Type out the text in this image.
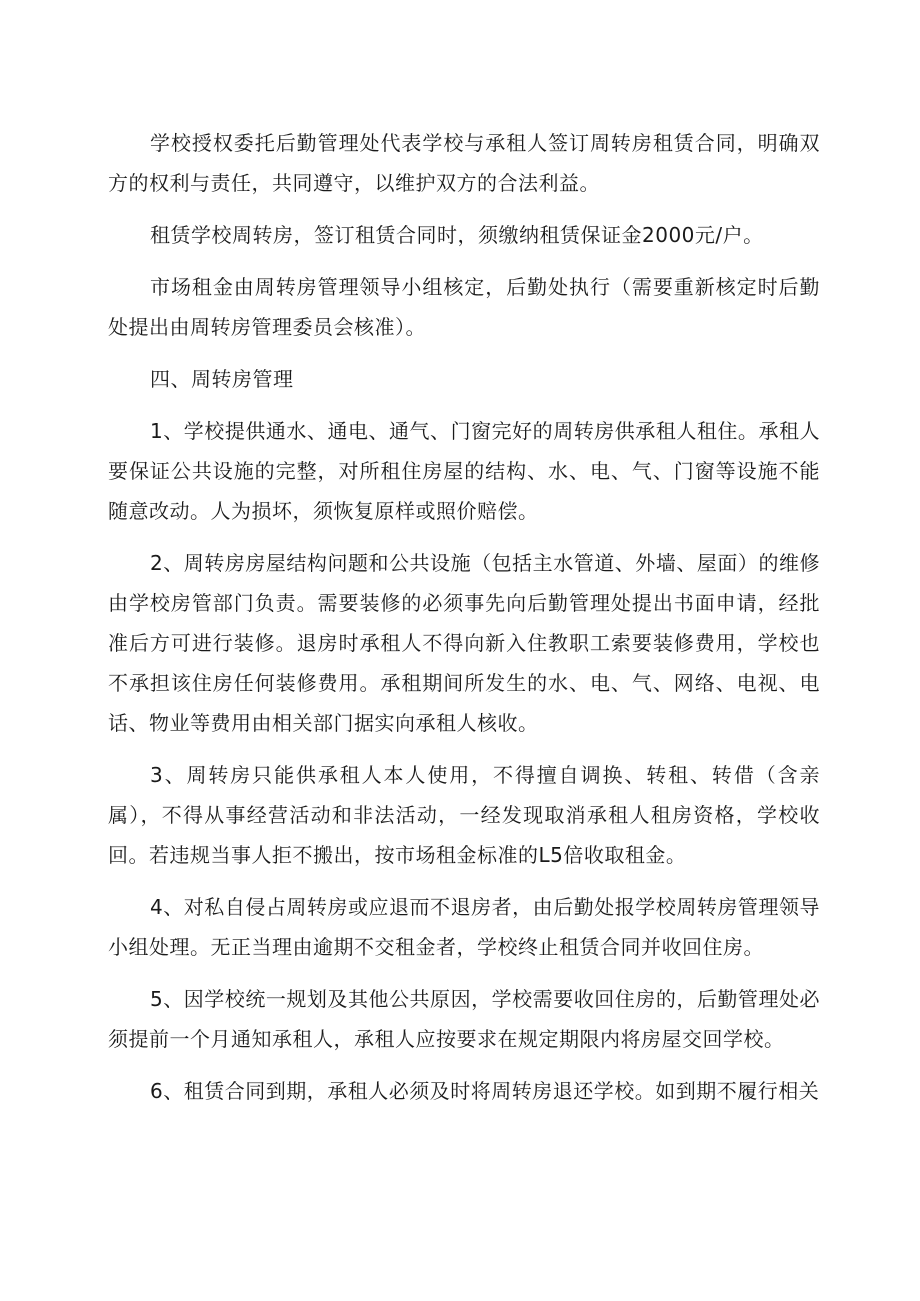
学校授权委托后勤管理处代表学校与承租人签订周转房租赁合同，明确双方的权利与责任，共同遵守，以维护双方的合法利益。

租赁学校周转房，签订租赁合同时，须缴纳租赁保证金2000元/户。

市场租金由周转房管理领导小组核定，后勤处执行（需要重新核定时后勤处提出由周转房管理委员会核准）。

四、周转房管理

1、学校提供通水、通电、通气、门窗完好的周转房供承租人租住。承租人要保证公共设施的完整，对所租住房屋的结构、水、电、气、门窗等设施不能随意改动。人为损坏，须恢复原样或照价赔偿。

2、周转房房屋结构问题和公共设施（包括主水管道、外墙、屋面）的维修由学校房管部门负责。需要装修的必须事先向后勤管理处提出书面申请，经批准后方可进行装修。退房时承租人不得向新入住教职工索要装修费用，学校也不承担该住房任何装修费用。承租期间所发生的水、电、气、网络、电视、电话、物业等费用由相关部门据实向承租人核收。

3、周转房只能供承租人本人使用，不得擅自调换、转租、转借（含亲属），不得从事经营活动和非法活动，一经发现取消承租人租房资格，学校收回。若违规当事人拒不搬出，按市场租金标准的L5倍收取租金。

4、对私自侵占周转房或应退而不退房者，由后勤处报学校周转房管理领导小组处理。无正当理由逾期不交租金者，学校终止租赁合同并收回住房。

5、因学校统一规划及其他公共原因，学校需要收回住房的，后勤管理处必须提前一个月通知承租人，承租人应按要求在规定期限内将房屋交回学校。

6、租赁合同到期，承租人必须及时将周转房退还学校。如到期不履行相关
